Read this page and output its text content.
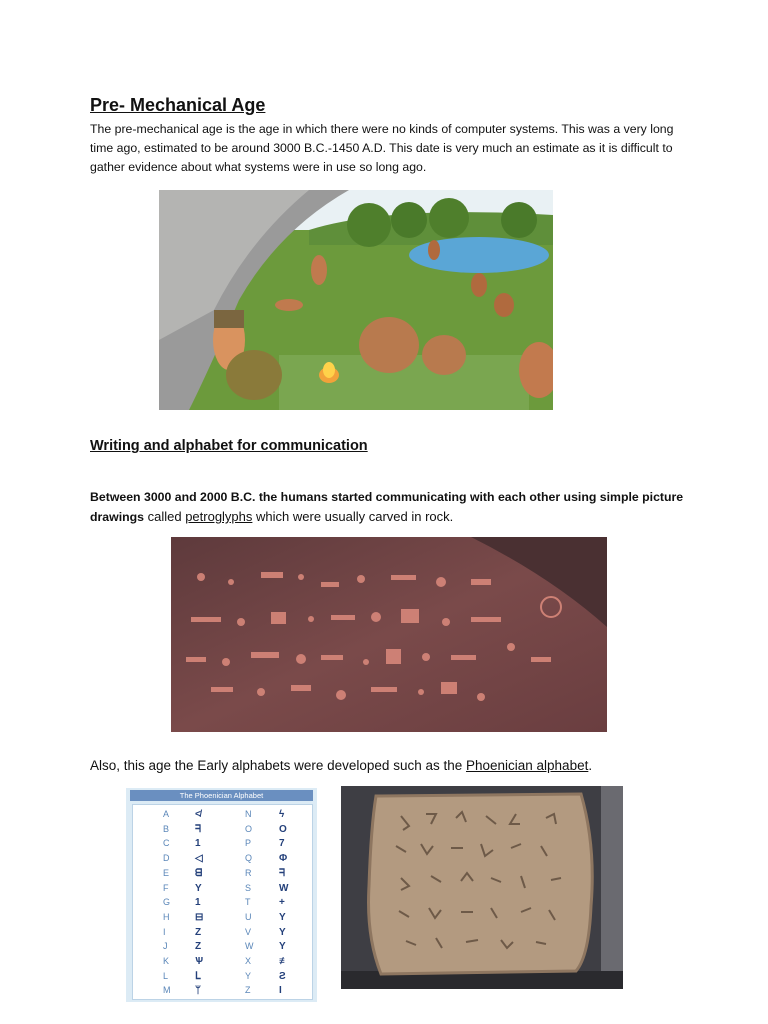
Pre- Mechanical Age

The pre-mechanical age is the age in which there were no kinds of computer systems. This was a very long time ago, estimated to be around 3000 B.C.-1450 A.D. This date is very much an estimate as it is difficult to gather evidence about what systems were in use so long ago.

Writing and alphabet for communication

Between 3000 and 2000 B.C. the humans started communicating with each other using simple picture drawings called petroglyphs which were usually carved in rock.

Also, this age the Early alphabets were developed such as the Phoenician alphabet.

The Phoenician Alphabet
A	≮	N	ϟ
B	ᖷ	O	O
C	1	P	7
D	◁	Q	Φ
E	ᗺ	R	ᖷ
F	Y	S	W
G 1	T	+
H	⊟	U	Y
I	Z	V	Y
J	Z	W	Y
K	Ѱ	X	≢
L	Ⅼ	Y	Ƨ
M ᛘ	Z	I
